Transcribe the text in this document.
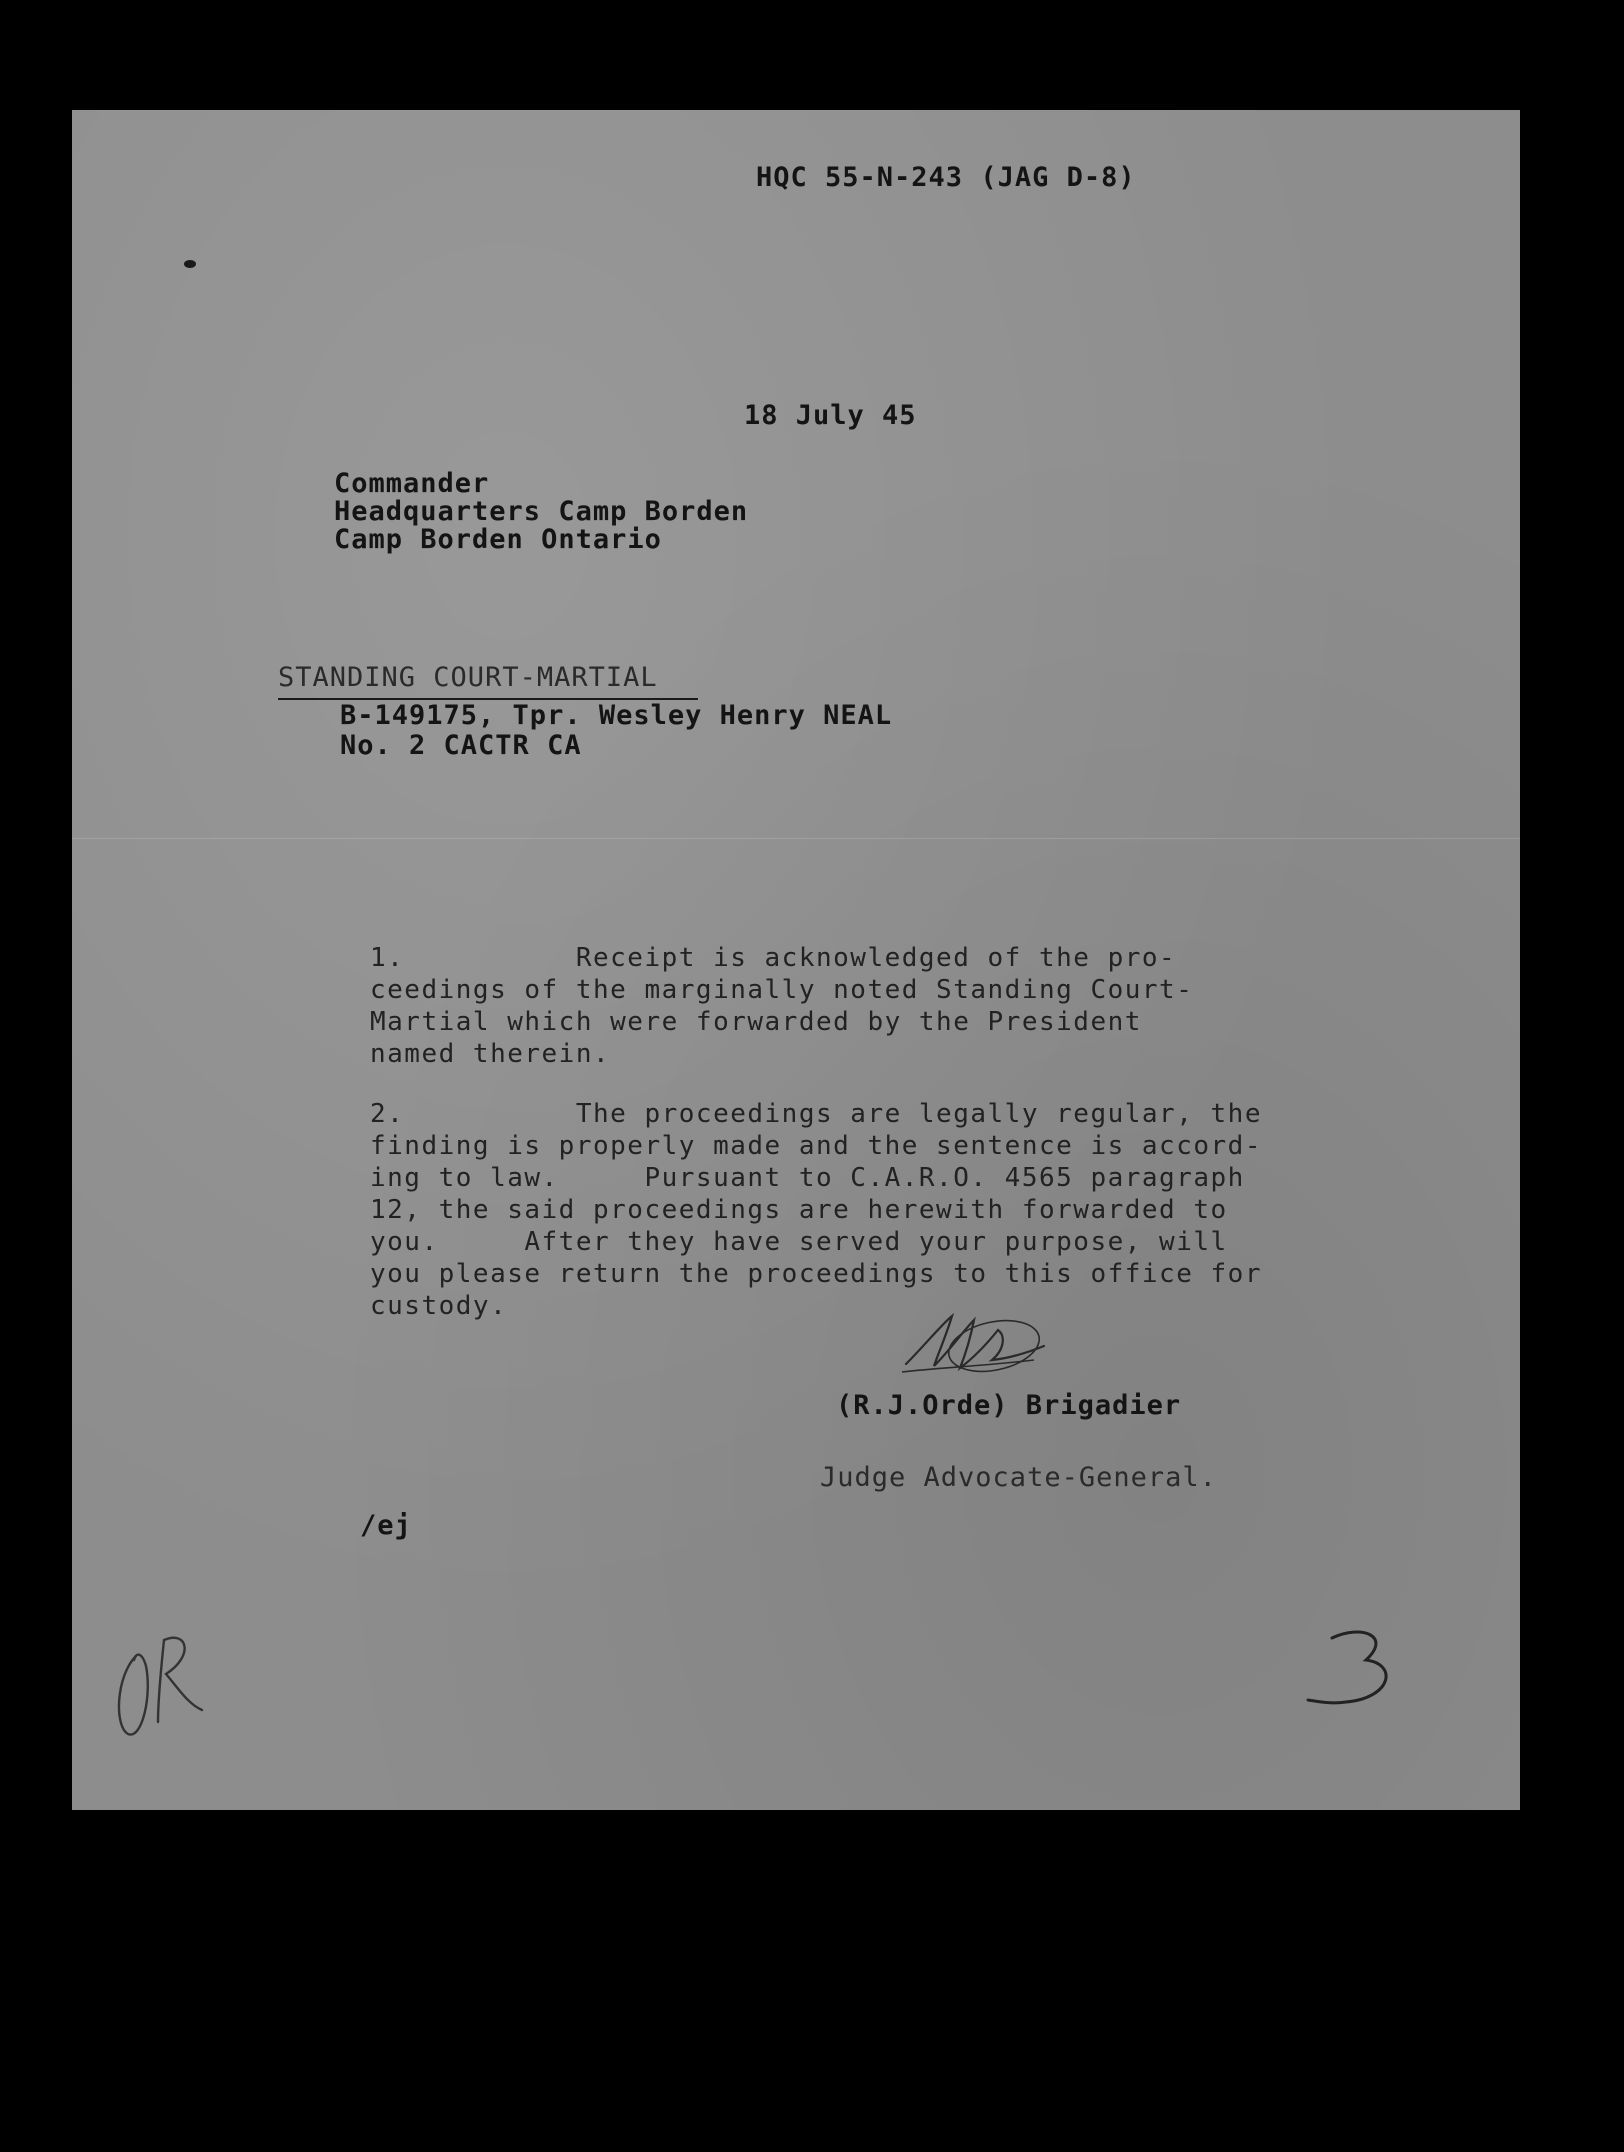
HQC 55-N-243 (JAG D-8)
18 July 45
Commander
Headquarters Camp Borden
Camp Borden Ontario
STANDING COURT-MARTIAL
B-149175, Tpr. Wesley Henry NEAL
No. 2 CACTR CA
1.          Receipt is acknowledged of the pro-
ceedings of the marginally noted Standing Court-
Martial which were forwarded by the President
named therein.
2.          The proceedings are legally regular, the
finding is properly made and the sentence is accord-
ing to law.     Pursuant to C.A.R.O. 4565 paragraph
12, the said proceedings are herewith forwarded to
you.     After they have served your purpose, will
you please return the proceedings to this office for
custody.
(R.J.Orde) Brigadier
Judge Advocate-General.
/ej
